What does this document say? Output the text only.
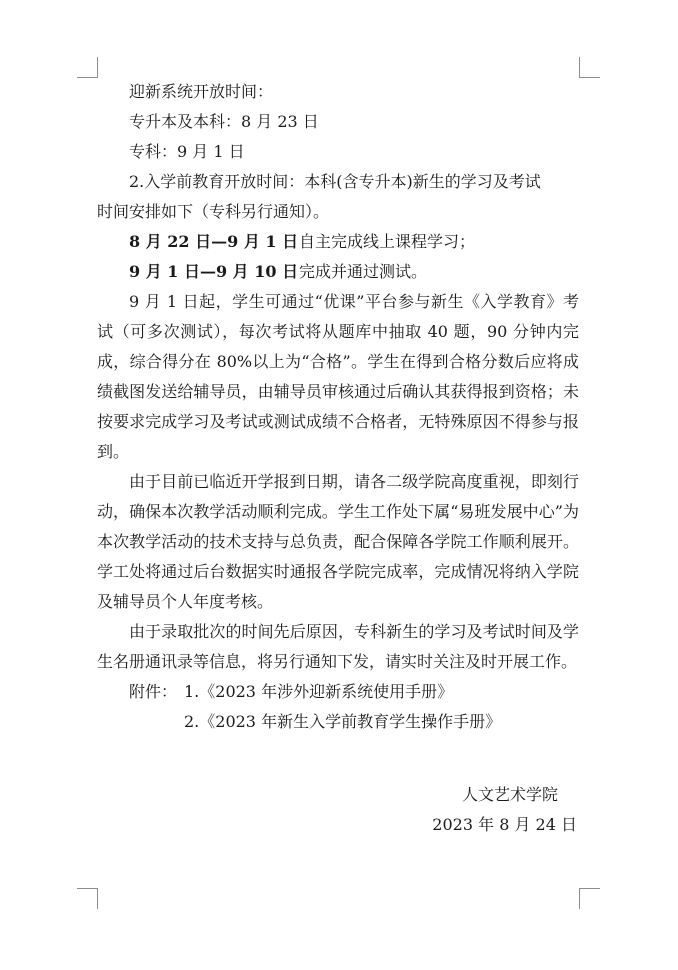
迎新系统开放时间：
专升本及本科：8 月 23 日
专科：9 月 1 日
2.入学前教育开放时间：本科(含专升本)新生的学习及考试
时间安排如下（专科另行通知）。
8 月 22 日—9 月 1 日自主完成线上课程学习；
9 月 1 日—9 月 10 日完成并通过测试。
9 月 1 日起，学生可通过“优课”平台参与新生《入学教育》考试（可多次测试），每次考试将从题库中抽取 40 题，90 分钟内完成，综合得分在 80%以上为“合格”。学生在得到合格分数后应将成绩截图发送给辅导员，由辅导员审核通过后确认其获得报到资格；未按要求完成学习及考试或测试成绩不合格者，无特殊原因不得参与报到。
由于目前已临近开学报到日期，请各二级学院高度重视，即刻行动，确保本次教学活动顺利完成。学生工作处下属“易班发展中心”为本次教学活动的技术支持与总负责，配合保障各学院工作顺利展开。学工处将通过后台数据实时通报各学院完成率，完成情况将纳入学院及辅导员个人年度考核。
由于录取批次的时间先后原因，专科新生的学习及考试时间及学生名册通讯录等信息，将另行通知下发，请实时关注及时开展工作。
附件： 1.《2023 年涉外迎新系统使用手册》
2.《2023 年新生入学前教育学生操作手册》
人文艺术学院
2023 年 8 月 24 日
